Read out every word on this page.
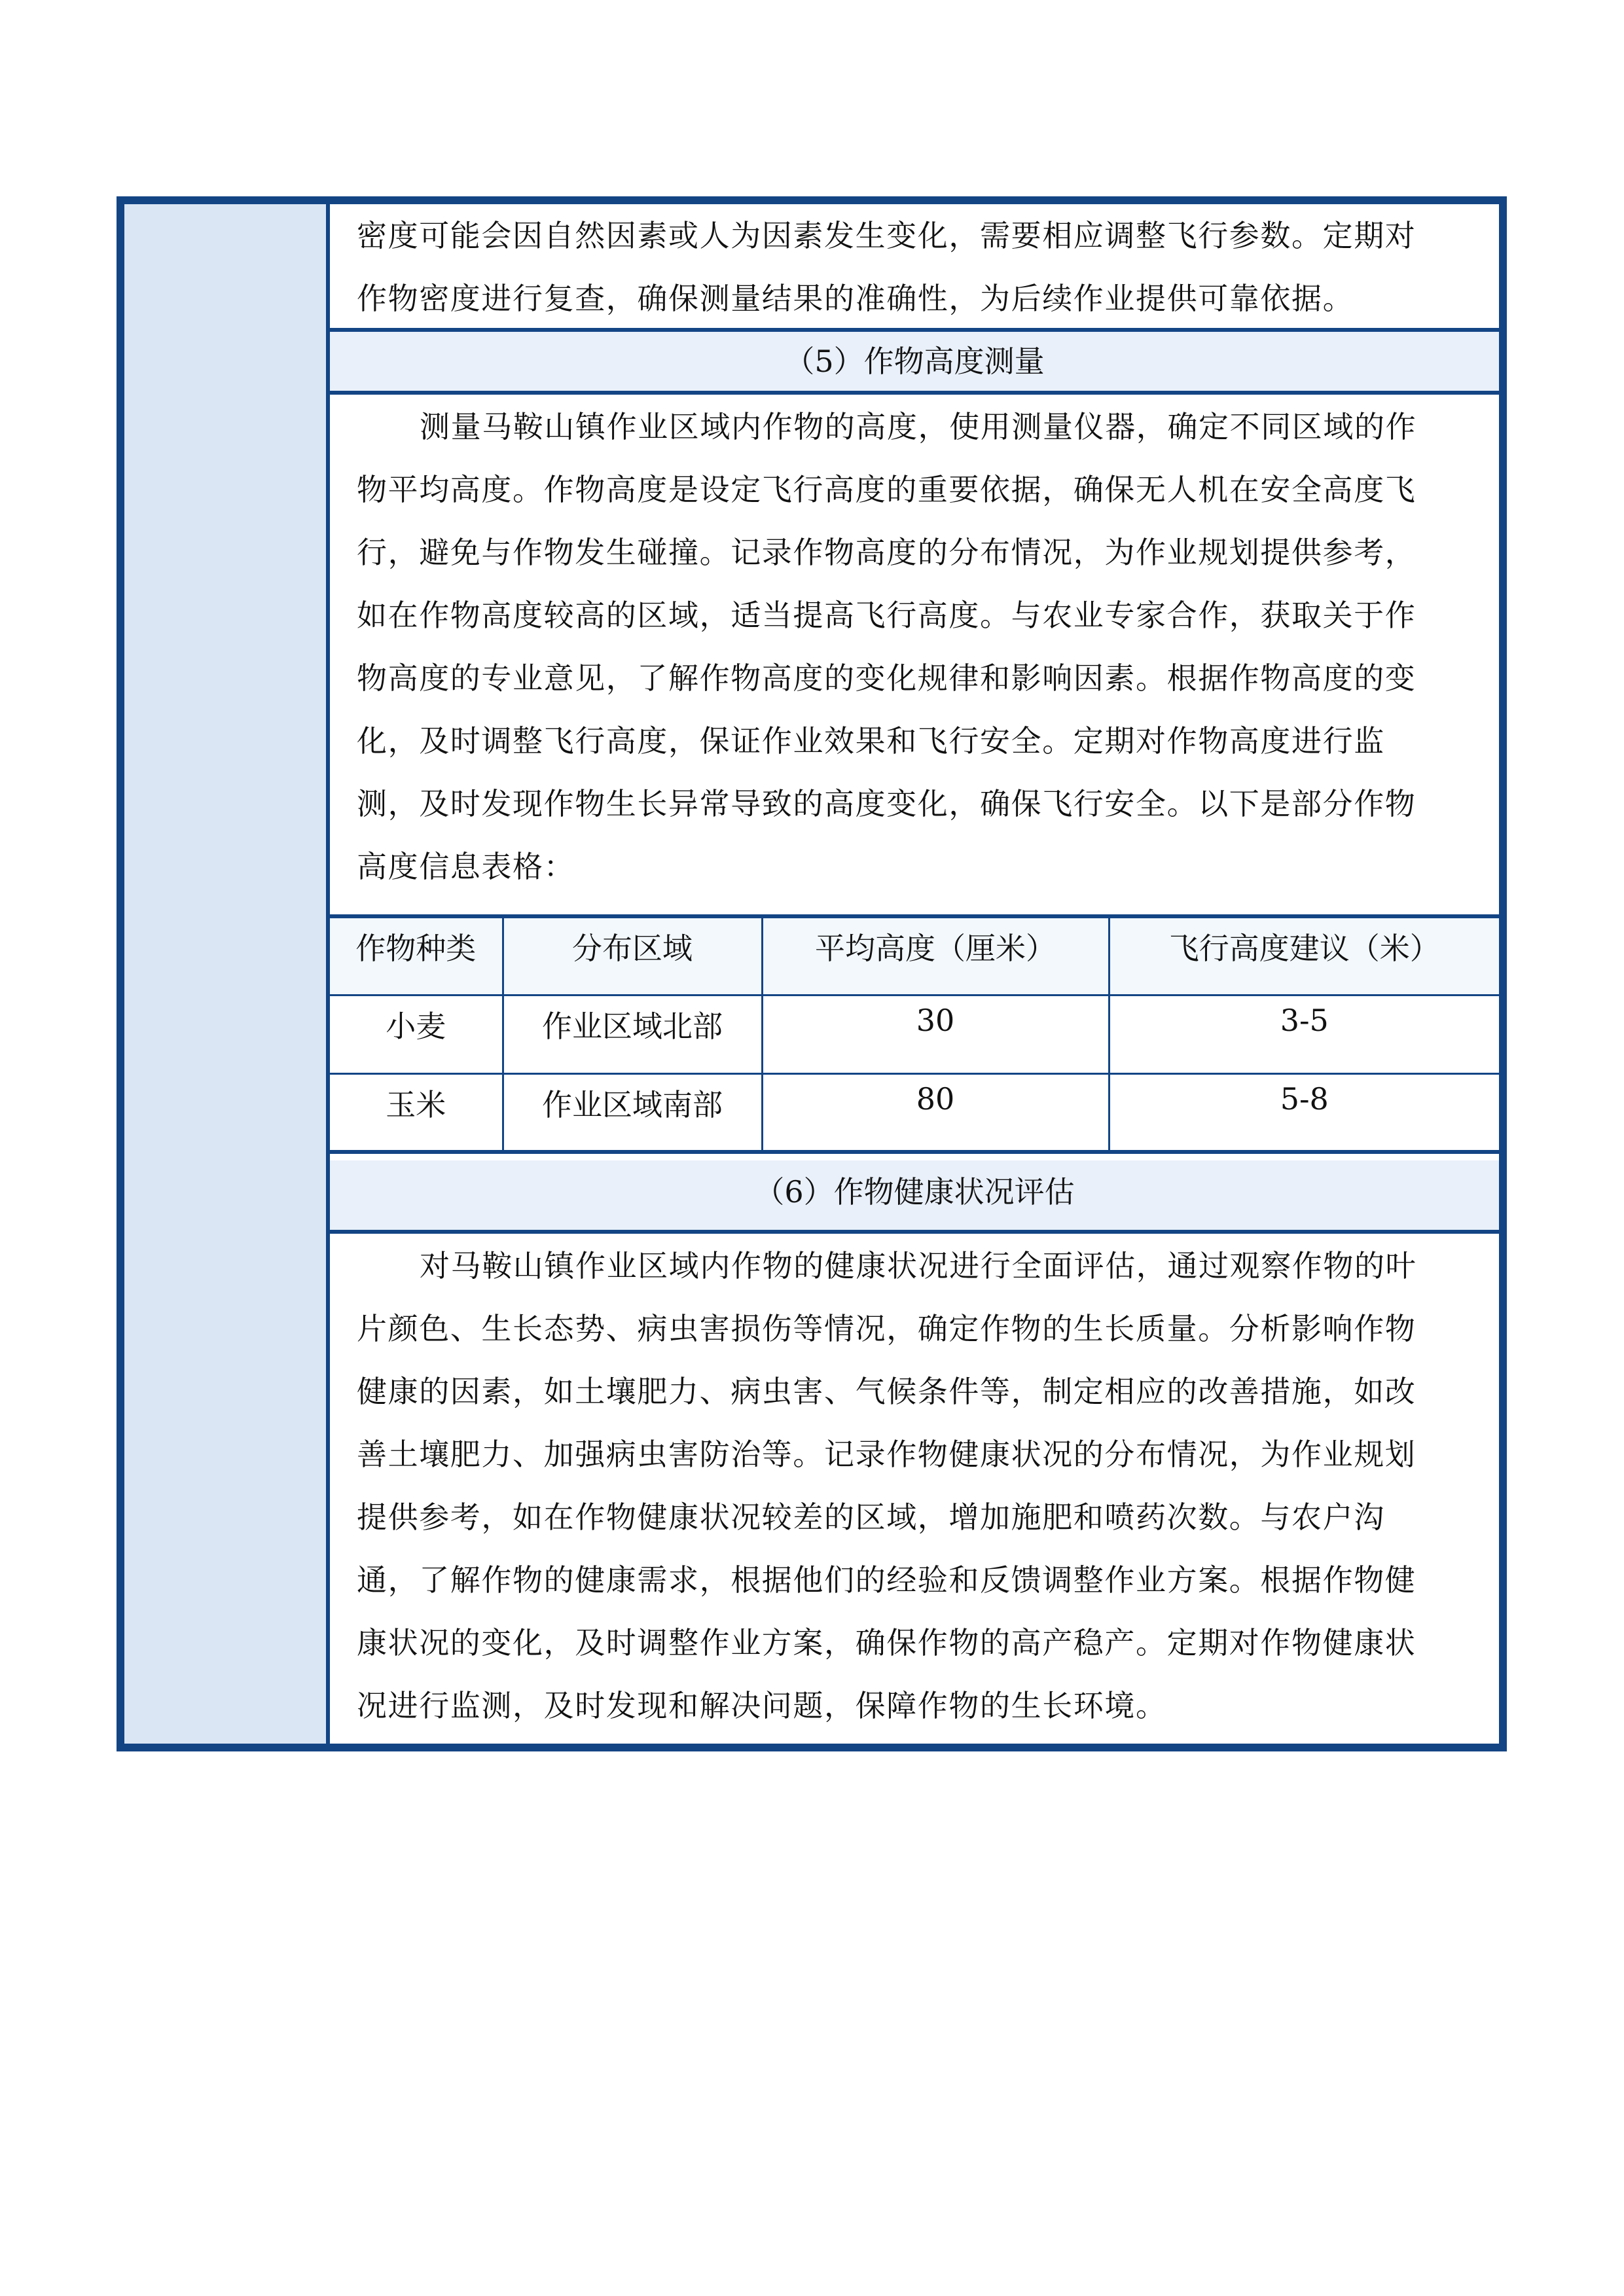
密度可能会因自然因素或人为因素发生变化，需要相应调整飞行参数。定期对
作物密度进行复查，确保测量结果的准确性，为后续作业提供可靠依据。
（5）作物高度测量
测量马鞍山镇作业区域内作物的高度，使用测量仪器，确定不同区域的作
物平均高度。作物高度是设定飞行高度的重要依据，确保无人机在安全高度飞
行，避免与作物发生碰撞。记录作物高度的分布情况，为作业规划提供参考，
如在作物高度较高的区域，适当提高飞行高度。与农业专家合作，获取关于作
物高度的专业意见，了解作物高度的变化规律和影响因素。根据作物高度的变
化，及时调整飞行高度，保证作业效果和飞行安全。定期对作物高度进行监
测，及时发现作物生长异常导致的高度变化，确保飞行安全。以下是部分作物
高度信息表格：
作物种类	分布区域	平均高度（厘米）	飞行高度建议（米）
小麦	作业区域北部	30	3-5
玉米	作业区域南部	80	5-8
（6）作物健康状况评估
对马鞍山镇作业区域内作物的健康状况进行全面评估，通过观察作物的叶
片颜色、生长态势、病虫害损伤等情况，确定作物的生长质量。分析影响作物
健康的因素，如土壤肥力、病虫害、气候条件等，制定相应的改善措施，如改
善土壤肥力、加强病虫害防治等。记录作物健康状况的分布情况，为作业规划
提供参考，如在作物健康状况较差的区域，增加施肥和喷药次数。与农户沟
通，了解作物的健康需求，根据他们的经验和反馈调整作业方案。根据作物健
康状况的变化，及时调整作业方案，确保作物的高产稳产。定期对作物健康状
况进行监测，及时发现和解决问题，保障作物的生长环境。
